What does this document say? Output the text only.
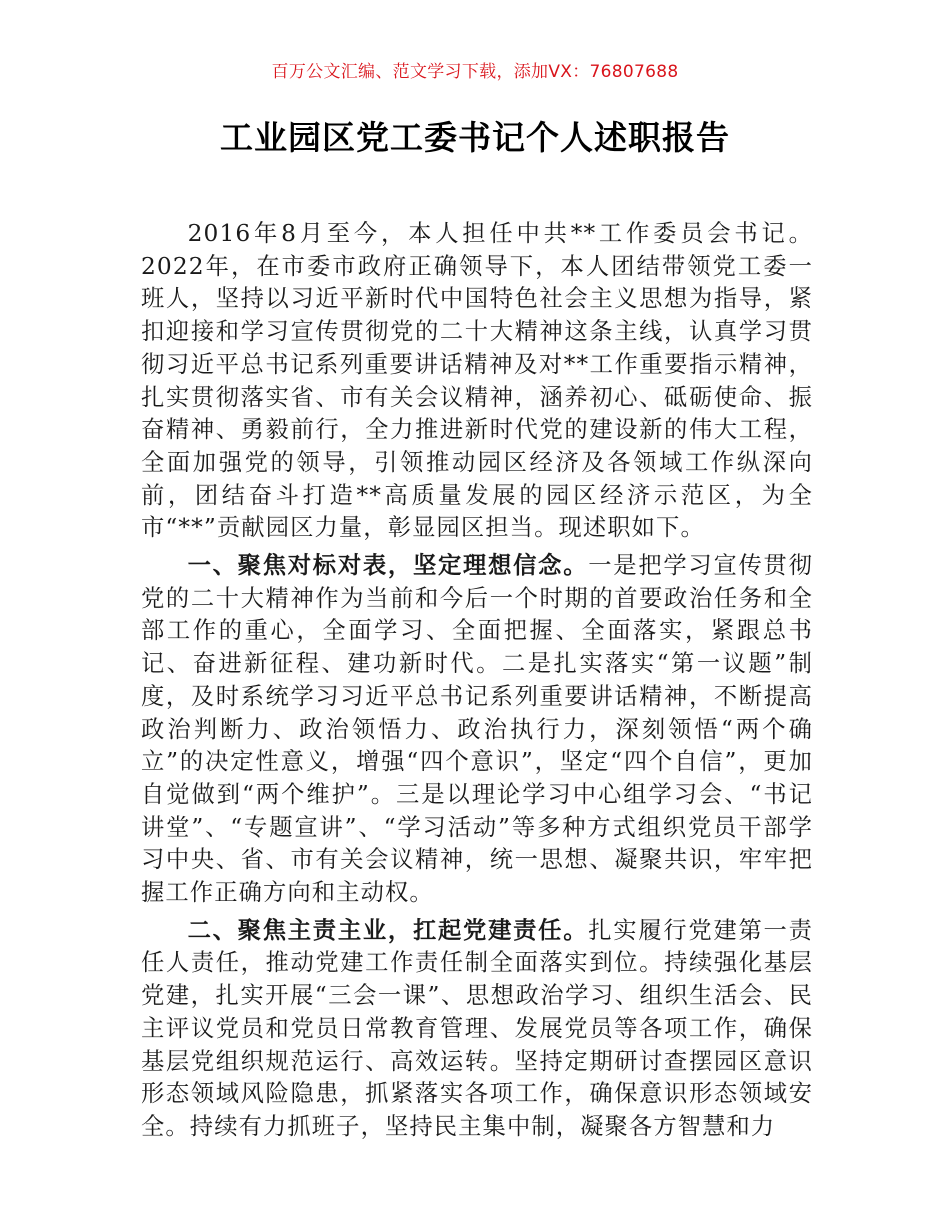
百万公文汇编、范文学习下载，添加VX：76807688
工业园区党工委书记个人述职报告

2016年8月至今，本人担任中共**工作委员会书记。2022年，在市委市政府正确领导下，本人团结带领党工委一班人，坚持以习近平新时代中国特色社会主义思想为指导，紧扣迎接和学习宣传贯彻党的二十大精神这条主线，认真学习贯彻习近平总书记系列重要讲话精神及对**工作重要指示精神，扎实贯彻落实省、市有关会议精神，涵养初心、砥砺使命、振奋精神、勇毅前行，全力推进新时代党的建设新的伟大工程，全面加强党的领导，引领推动园区经济及各领域工作纵深向前，团结奋斗打造**高质量发展的园区经济示范区，为全市“**”贡献园区力量，彰显园区担当。现述职如下。

一、聚焦对标对表，坚定理想信念。一是把学习宣传贯彻党的二十大精神作为当前和今后一个时期的首要政治任务和全部工作的重心，全面学习、全面把握、全面落实，紧跟总书记、奋进新征程、建功新时代。二是扎实落实“第一议题”制度，及时系统学习习近平总书记系列重要讲话精神，不断提高政治判断力、政治领悟力、政治执行力，深刻领悟“两个确立”的决定性意义，增强“四个意识”，坚定“四个自信”，更加自觉做到“两个维护”。三是以理论学习中心组学习会、“书记讲堂”、“专题宣讲”、“学习活动”等多种方式组织党员干部学习中央、省、市有关会议精神，统一思想、凝聚共识，牢牢把握工作正确方向和主动权。

二、聚焦主责主业，扛起党建责任。扎实履行党建第一责任人责任，推动党建工作责任制全面落实到位。持续强化基层党建，扎实开展“三会一课”、思想政治学习、组织生活会、民主评议党员和党员日常教育管理、发展党员等各项工作，确保基层党组织规范运行、高效运转。坚持定期研讨查摆园区意识形态领域风险隐患，抓紧落实各项工作，确保意识形态领域安全。持续有力抓班子，坚持民主集中制，凝聚各方智慧和力
